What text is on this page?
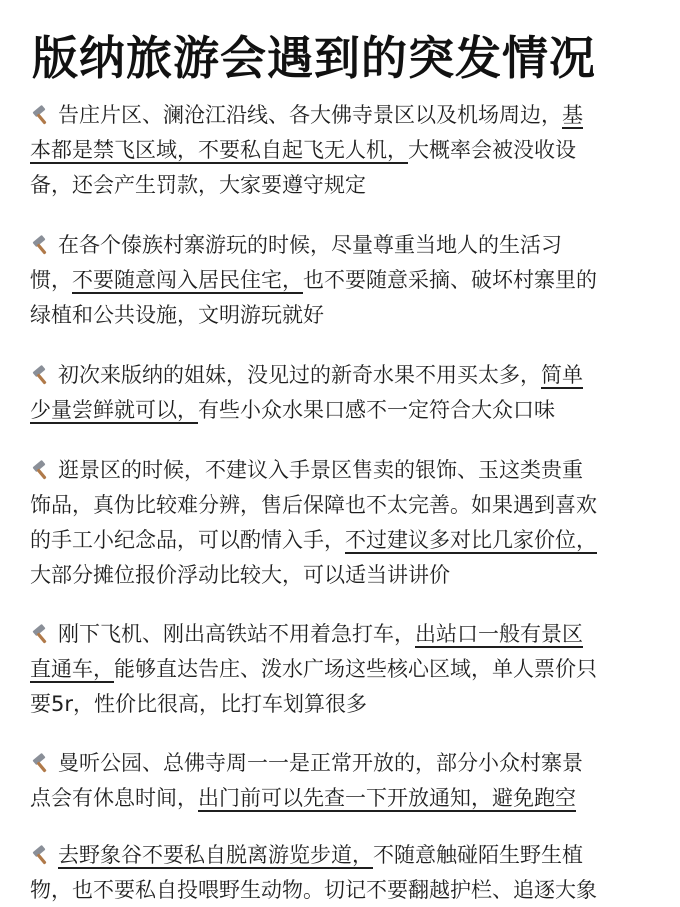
版纳旅游会遇到的突发情况
告庄片区、澜沧江沿线、各大佛寺景区以及机场周边，基
本都是禁飞区域，不要私自起飞无人机，大概率会被没收设
备，还会产生罚款，大家要遵守规定
在各个傣族村寨游玩的时候，尽量尊重当地人的生活习
惯，不要随意闯入居民住宅，也不要随意采摘、破坏村寨里的
绿植和公共设施，文明游玩就好
初次来版纳的姐妹，没见过的新奇水果不用买太多，简单
少量尝鲜就可以，有些小众水果口感不一定符合大众口味
逛景区的时候，不建议入手景区售卖的银饰、玉这类贵重
饰品，真伪比较难分辨，售后保障也不太完善。如果遇到喜欢
的手工小纪念品，可以酌情入手，不过建议多对比几家价位，
大部分摊位报价浮动比较大，可以适当讲讲价
刚下飞机、刚出高铁站不用着急打车，出站口一般有景区
直通车，能够直达告庄、泼水广场这些核心区域，单人票价只
要5r，性价比很高，比打车划算很多
曼听公园、总佛寺周一一是正常开放的，部分小众村寨景
点会有休息时间，出门前可以先查一下开放通知，避免跑空
去野象谷不要私自脱离游览步道，不随意触碰陌生野生植
物，也不要私自投喂野生动物。切记不要翻越护栏、追逐大象
